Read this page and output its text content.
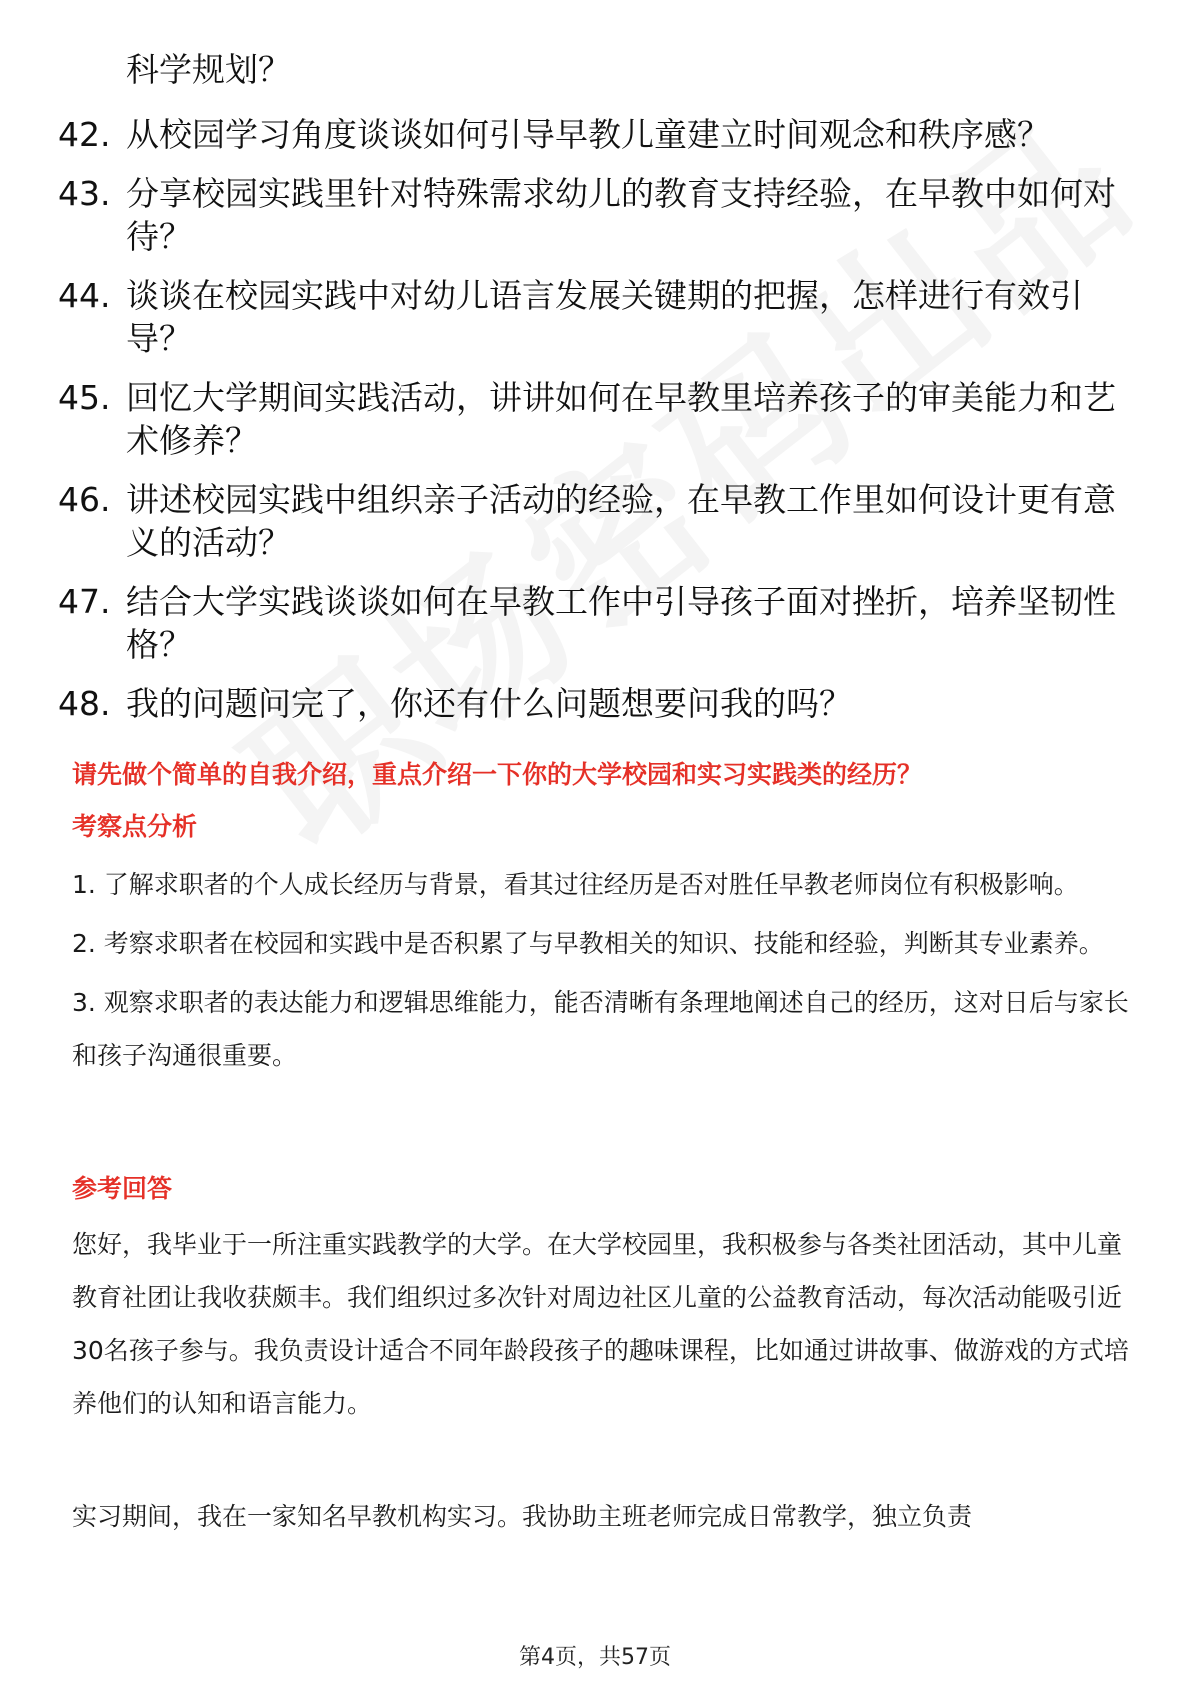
科学规划？
42. 从校园学习角度谈谈如何引导早教儿童建立时间观念和秩序感？
43. 分享校园实践里针对特殊需求幼儿的教育支持经验，在早教中如何对待？
44. 谈谈在校园实践中对幼儿语言发展关键期的把握，怎样进行有效引导？
45. 回忆大学期间实践活动，讲讲如何在早教里培养孩子的审美能力和艺术修养？
46. 讲述校园实践中组织亲子活动的经验，在早教工作里如何设计更有意义的活动？
47. 结合大学实践谈谈如何在早教工作中引导孩子面对挫折，培养坚韧性格？
48. 我的问题问完了，你还有什么问题想要问我的吗？
请先做个简单的自我介绍，重点介绍一下你的大学校园和实习实践类的经历？
考察点分析

1. 了解求职者的个人成长经历与背景，看其过往经历是否对胜任早教老师岗位有积极影响。

2. 考察求职者在校园和实践中是否积累了与早教相关的知识、技能和经验，判断其专业素养。

3. 观察求职者的表达能力和逻辑思维能力，能否清晰有条理地阐述自己的经历，这对日后与家长和孩子沟通很重要。

参考回答

您好，我毕业于一所注重实践教学的大学。在大学校园里，我积极参与各类社团活动，其中儿童教育社团让我收获颇丰。我们组织过多次针对周边社区儿童的公益教育活动，每次活动能吸引近30名孩子参与。我负责设计适合不同年龄段孩子的趣味课程，比如通过讲故事、做游戏的方式培养他们的认知和语言能力。

实习期间，我在一家知名早教机构实习。我协助主班老师完成日常教学，独立负责

第4页，共57页
